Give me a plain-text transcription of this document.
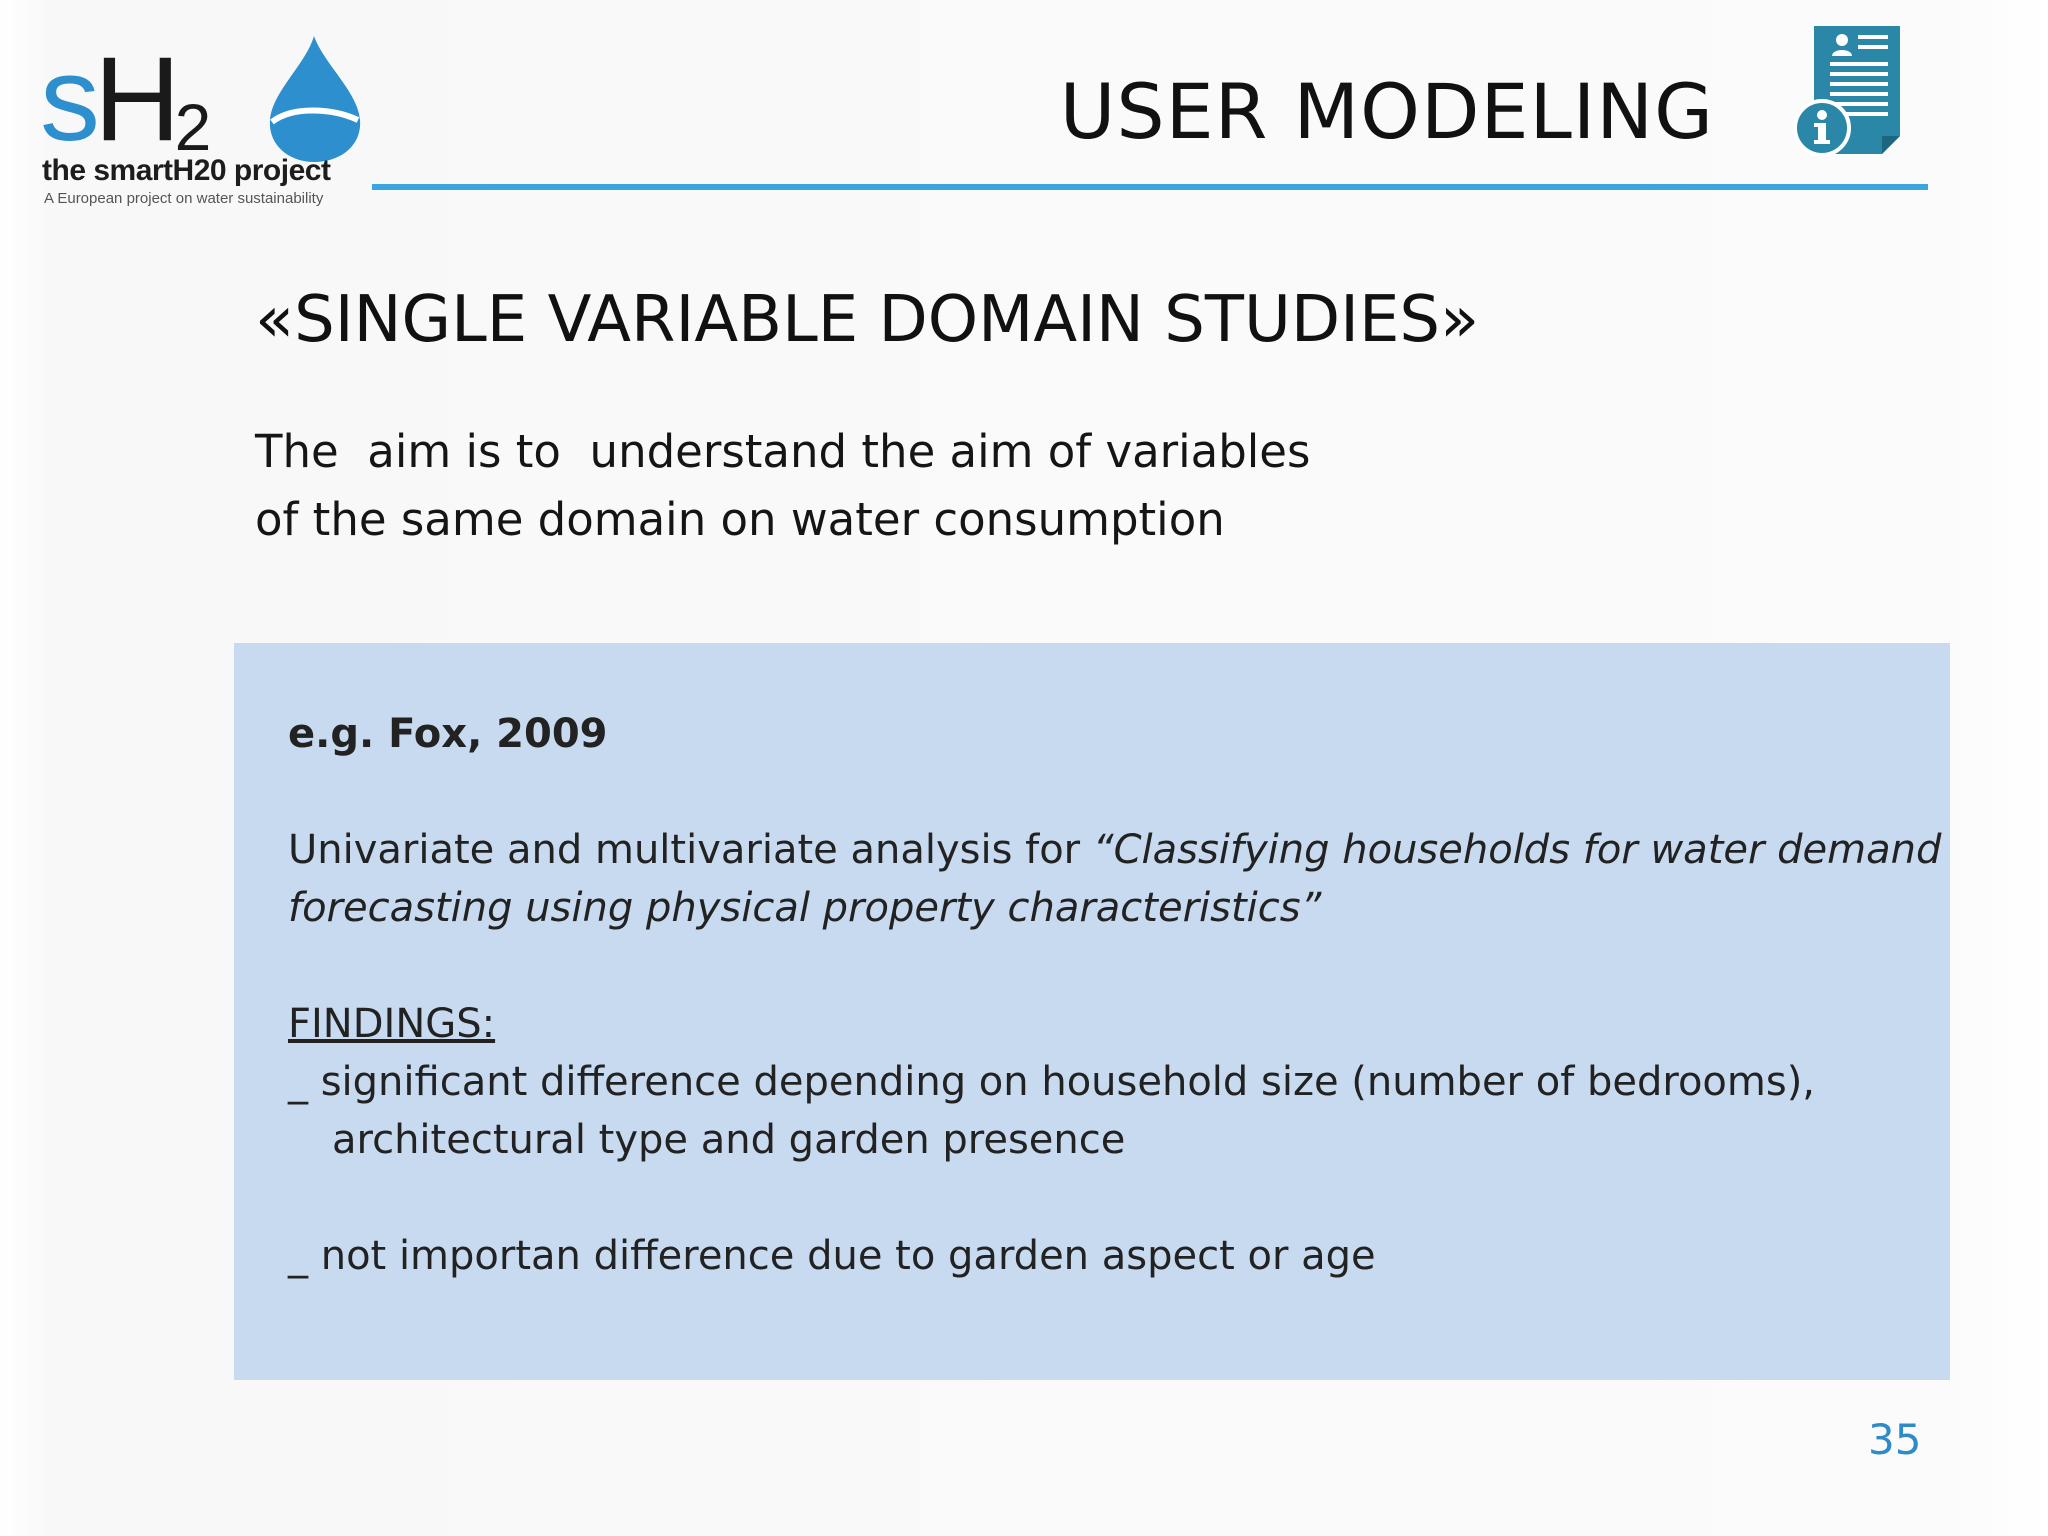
sH2
the smartH20 project
A European project on water sustainability
USER MODELING
«SINGLE VARIABLE DOMAIN STUDIES»
The  aim is to  understand the aim of variables
of the same domain on water consumption
e.g. Fox, 2009
Univariate and multivariate analysis for “Classifying households for water demand
forecasting using physical property characteristics”
FINDINGS:
_ significant difference depending on household size (number of bedrooms),
architectural type and garden presence
_ not importan difference due to garden aspect or age
35
